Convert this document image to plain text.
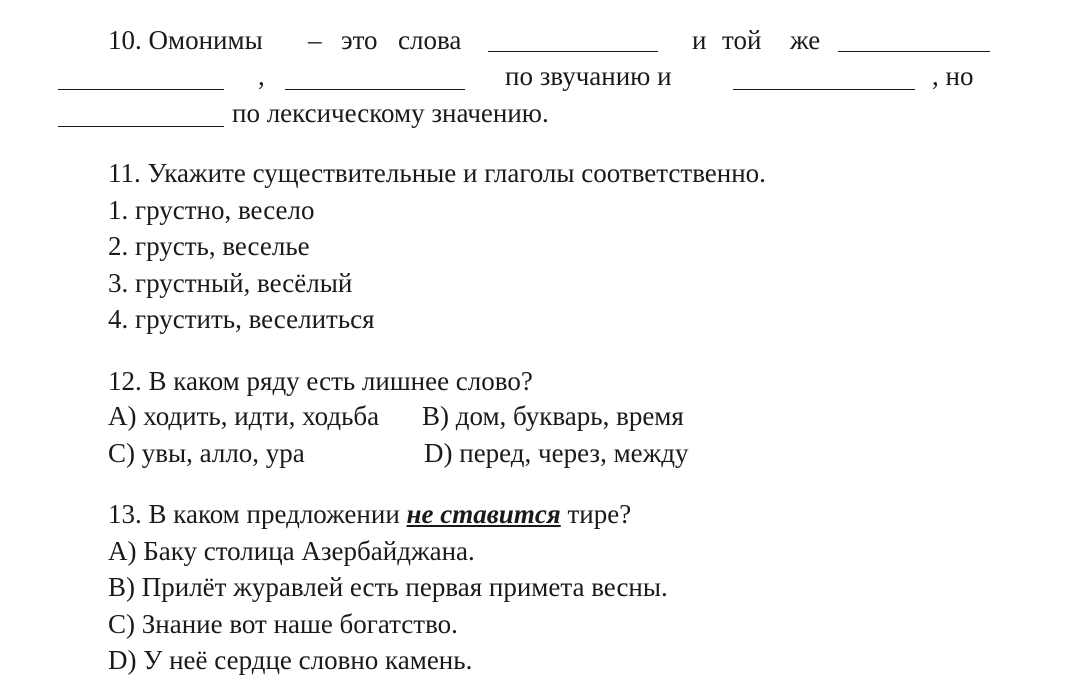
10. Омонимы – это слова	и той же
,	по звучанию и	, но
по лексическому значению.
11. Укажите существительные и глаголы соответственно.
1. грустно, весело
2. грусть, веселье
3. грустный, весёлый
4. грустить, веселиться
12. В каком ряду есть лишнее слово?
А) ходить, идти, ходьба В) дом, букварь, время
С) увы, алло, ура	D) перед, через, между
13. В каком предложении не ставится тире?
А) Баку столица Азербайджана.
В) Прилёт журавлей есть первая примета весны.
С) Знание вот наше богатство.
D) У неё сердце словно камень.
